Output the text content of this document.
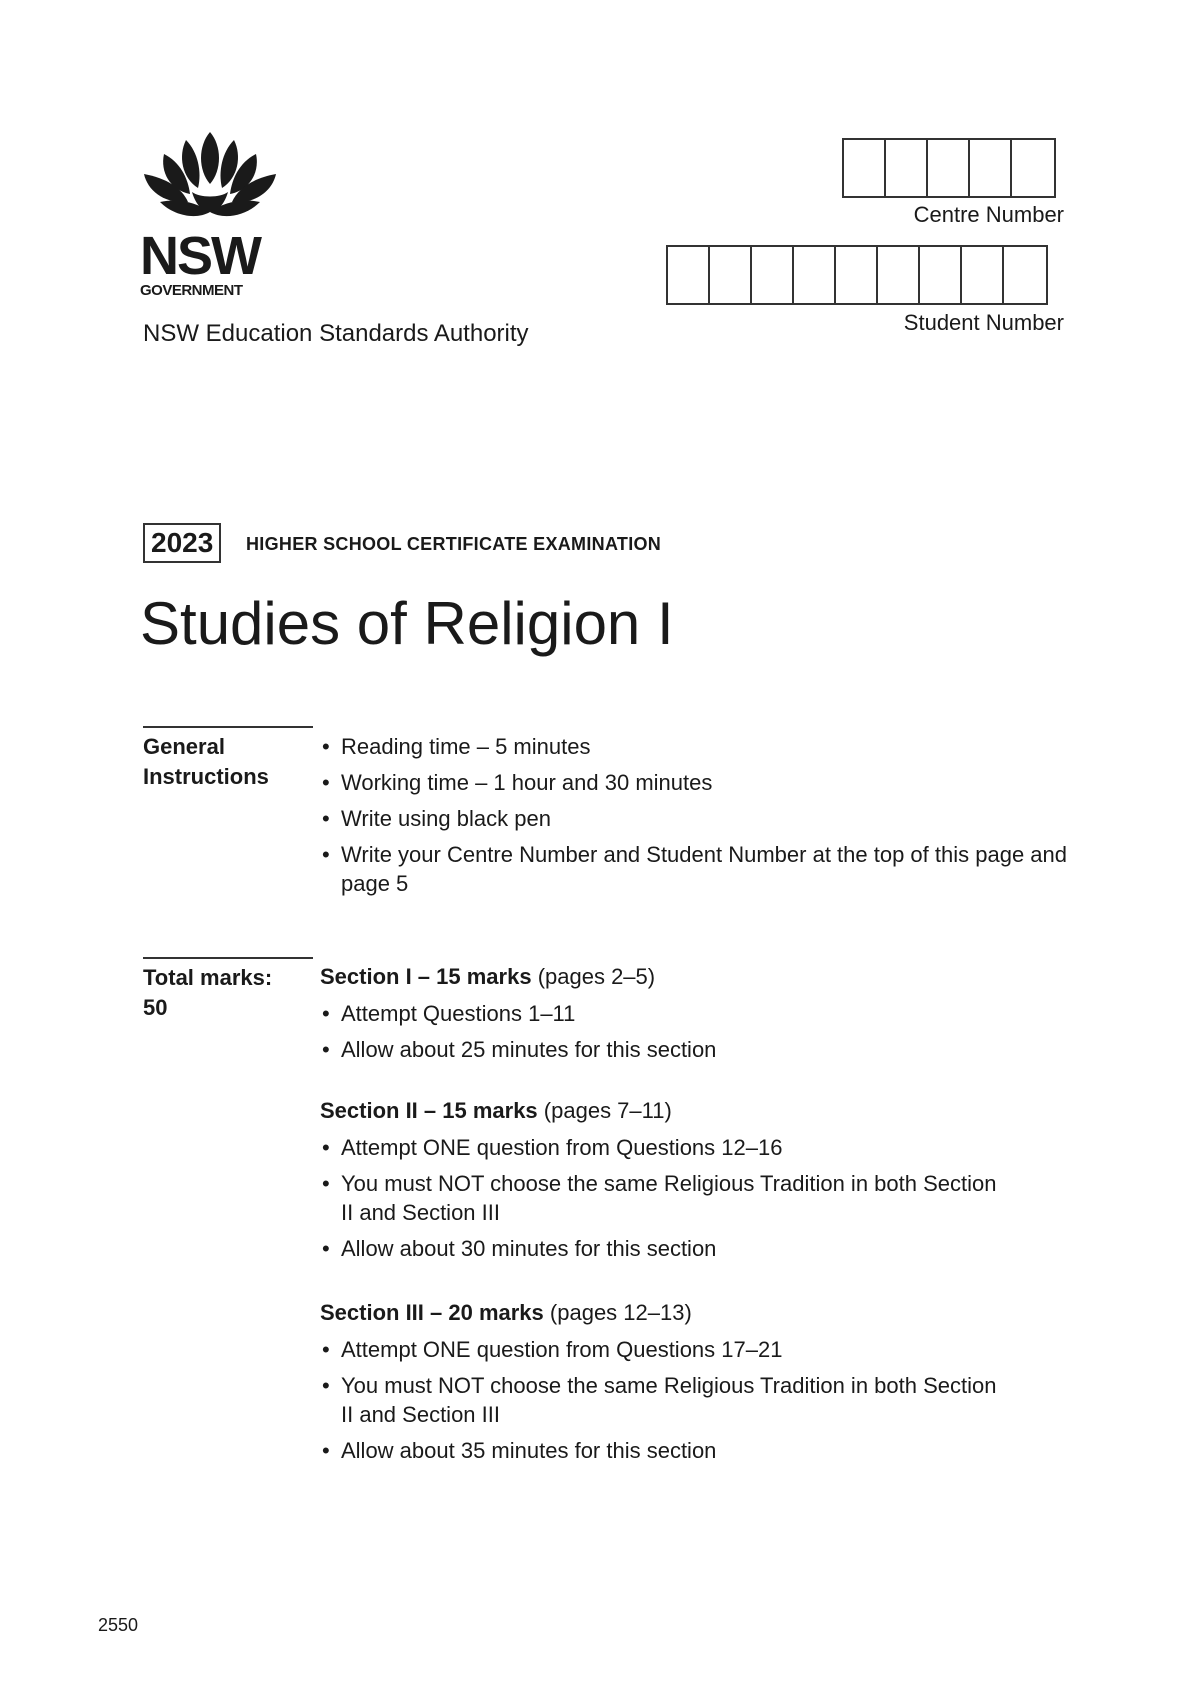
NSW
GOVERNMENT
NSW Education Standards Authority
Centre Number
Student Number
2023	HIGHER SCHOOL CERTIFICATE EXAMINATION
Studies of Religion I
General
Instructions
• Reading time – 5 minutes
• Working time – 1 hour and 30 minutes
• Write using black pen
• Write your Centre Number and Student Number at the top of this page and page 5
Total marks:
50
Section I – 15 marks (pages 2–5)
• Attempt Questions 1–11
• Allow about 25 minutes for this section
Section II – 15 marks (pages 7–11)
• Attempt ONE question from Questions 12–16
• You must NOT choose the same Religious Tradition in both Section II and Section III
• Allow about 30 minutes for this section
Section III – 20 marks (pages 12–13)
• Attempt ONE question from Questions 17–21
• You must NOT choose the same Religious Tradition in both Section II and Section III
• Allow about 35 minutes for this section
2550
